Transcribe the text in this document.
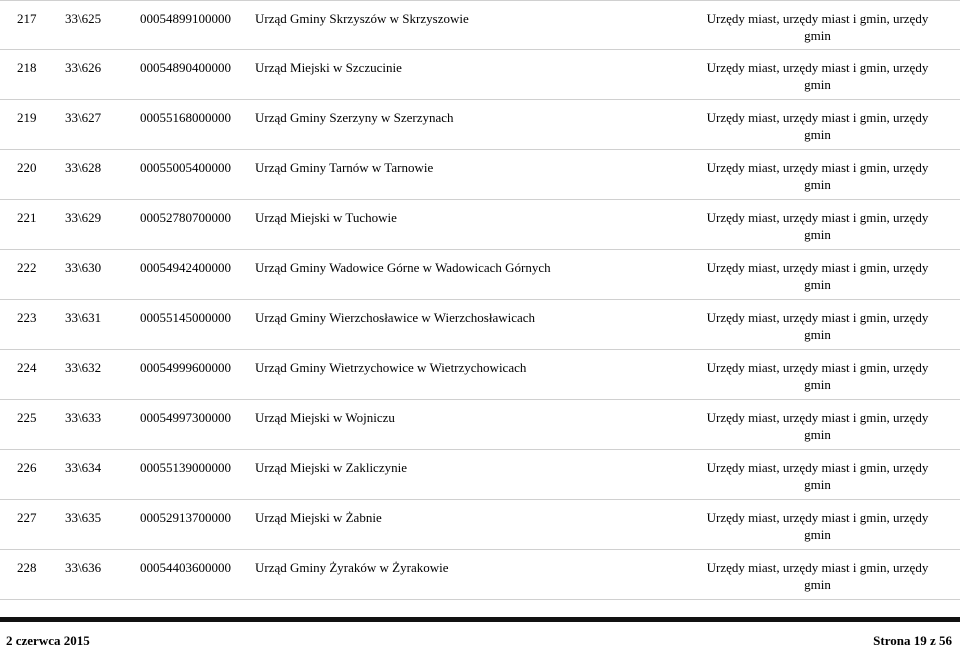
217 33\625	00054899100000 Urząd Gminy Skrzyszów w Skrzyszowie	Urzędy miast, urzędy miast i gmin, urzędy gmin
218 33\626	00054890400000 Urząd Miejski w Szczucinie	Urzędy miast, urzędy miast i gmin, urzędy gmin
219 33\627	00055168000000 Urząd Gminy Szerzyny w Szerzynach	Urzędy miast, urzędy miast i gmin, urzędy gmin
220 33\628	00055005400000 Urząd Gminy Tarnów w Tarnowie	Urzędy miast, urzędy miast i gmin, urzędy gmin
221 33\629	00052780700000 Urząd Miejski w Tuchowie	Urzędy miast, urzędy miast i gmin, urzędy gmin
222 33\630	00054942400000 Urząd Gminy Wadowice Górne w Wadowicach Górnych	Urzędy miast, urzędy miast i gmin, urzędy gmin
223 33\631	00055145000000 Urząd Gminy Wierzchosławice w Wierzchosławicach	Urzędy miast, urzędy miast i gmin, urzędy gmin
224 33\632	00054999600000 Urząd Gminy Wietrzychowice w Wietrzychowicach	Urzędy miast, urzędy miast i gmin, urzędy gmin
225 33\633	00054997300000 Urząd Miejski w Wojniczu	Urzędy miast, urzędy miast i gmin, urzędy gmin
226 33\634	00055139000000 Urząd Miejski w Zakliczynie	Urzędy miast, urzędy miast i gmin, urzędy gmin
227 33\635	00052913700000 Urząd Miejski w Żabnie	Urzędy miast, urzędy miast i gmin, urzędy gmin
228 33\636	00054403600000 Urząd Gminy Żyraków w Żyrakowie	Urzędy miast, urzędy miast i gmin, urzędy gmin
2 czerwca 2015	Strona 19 z 56
